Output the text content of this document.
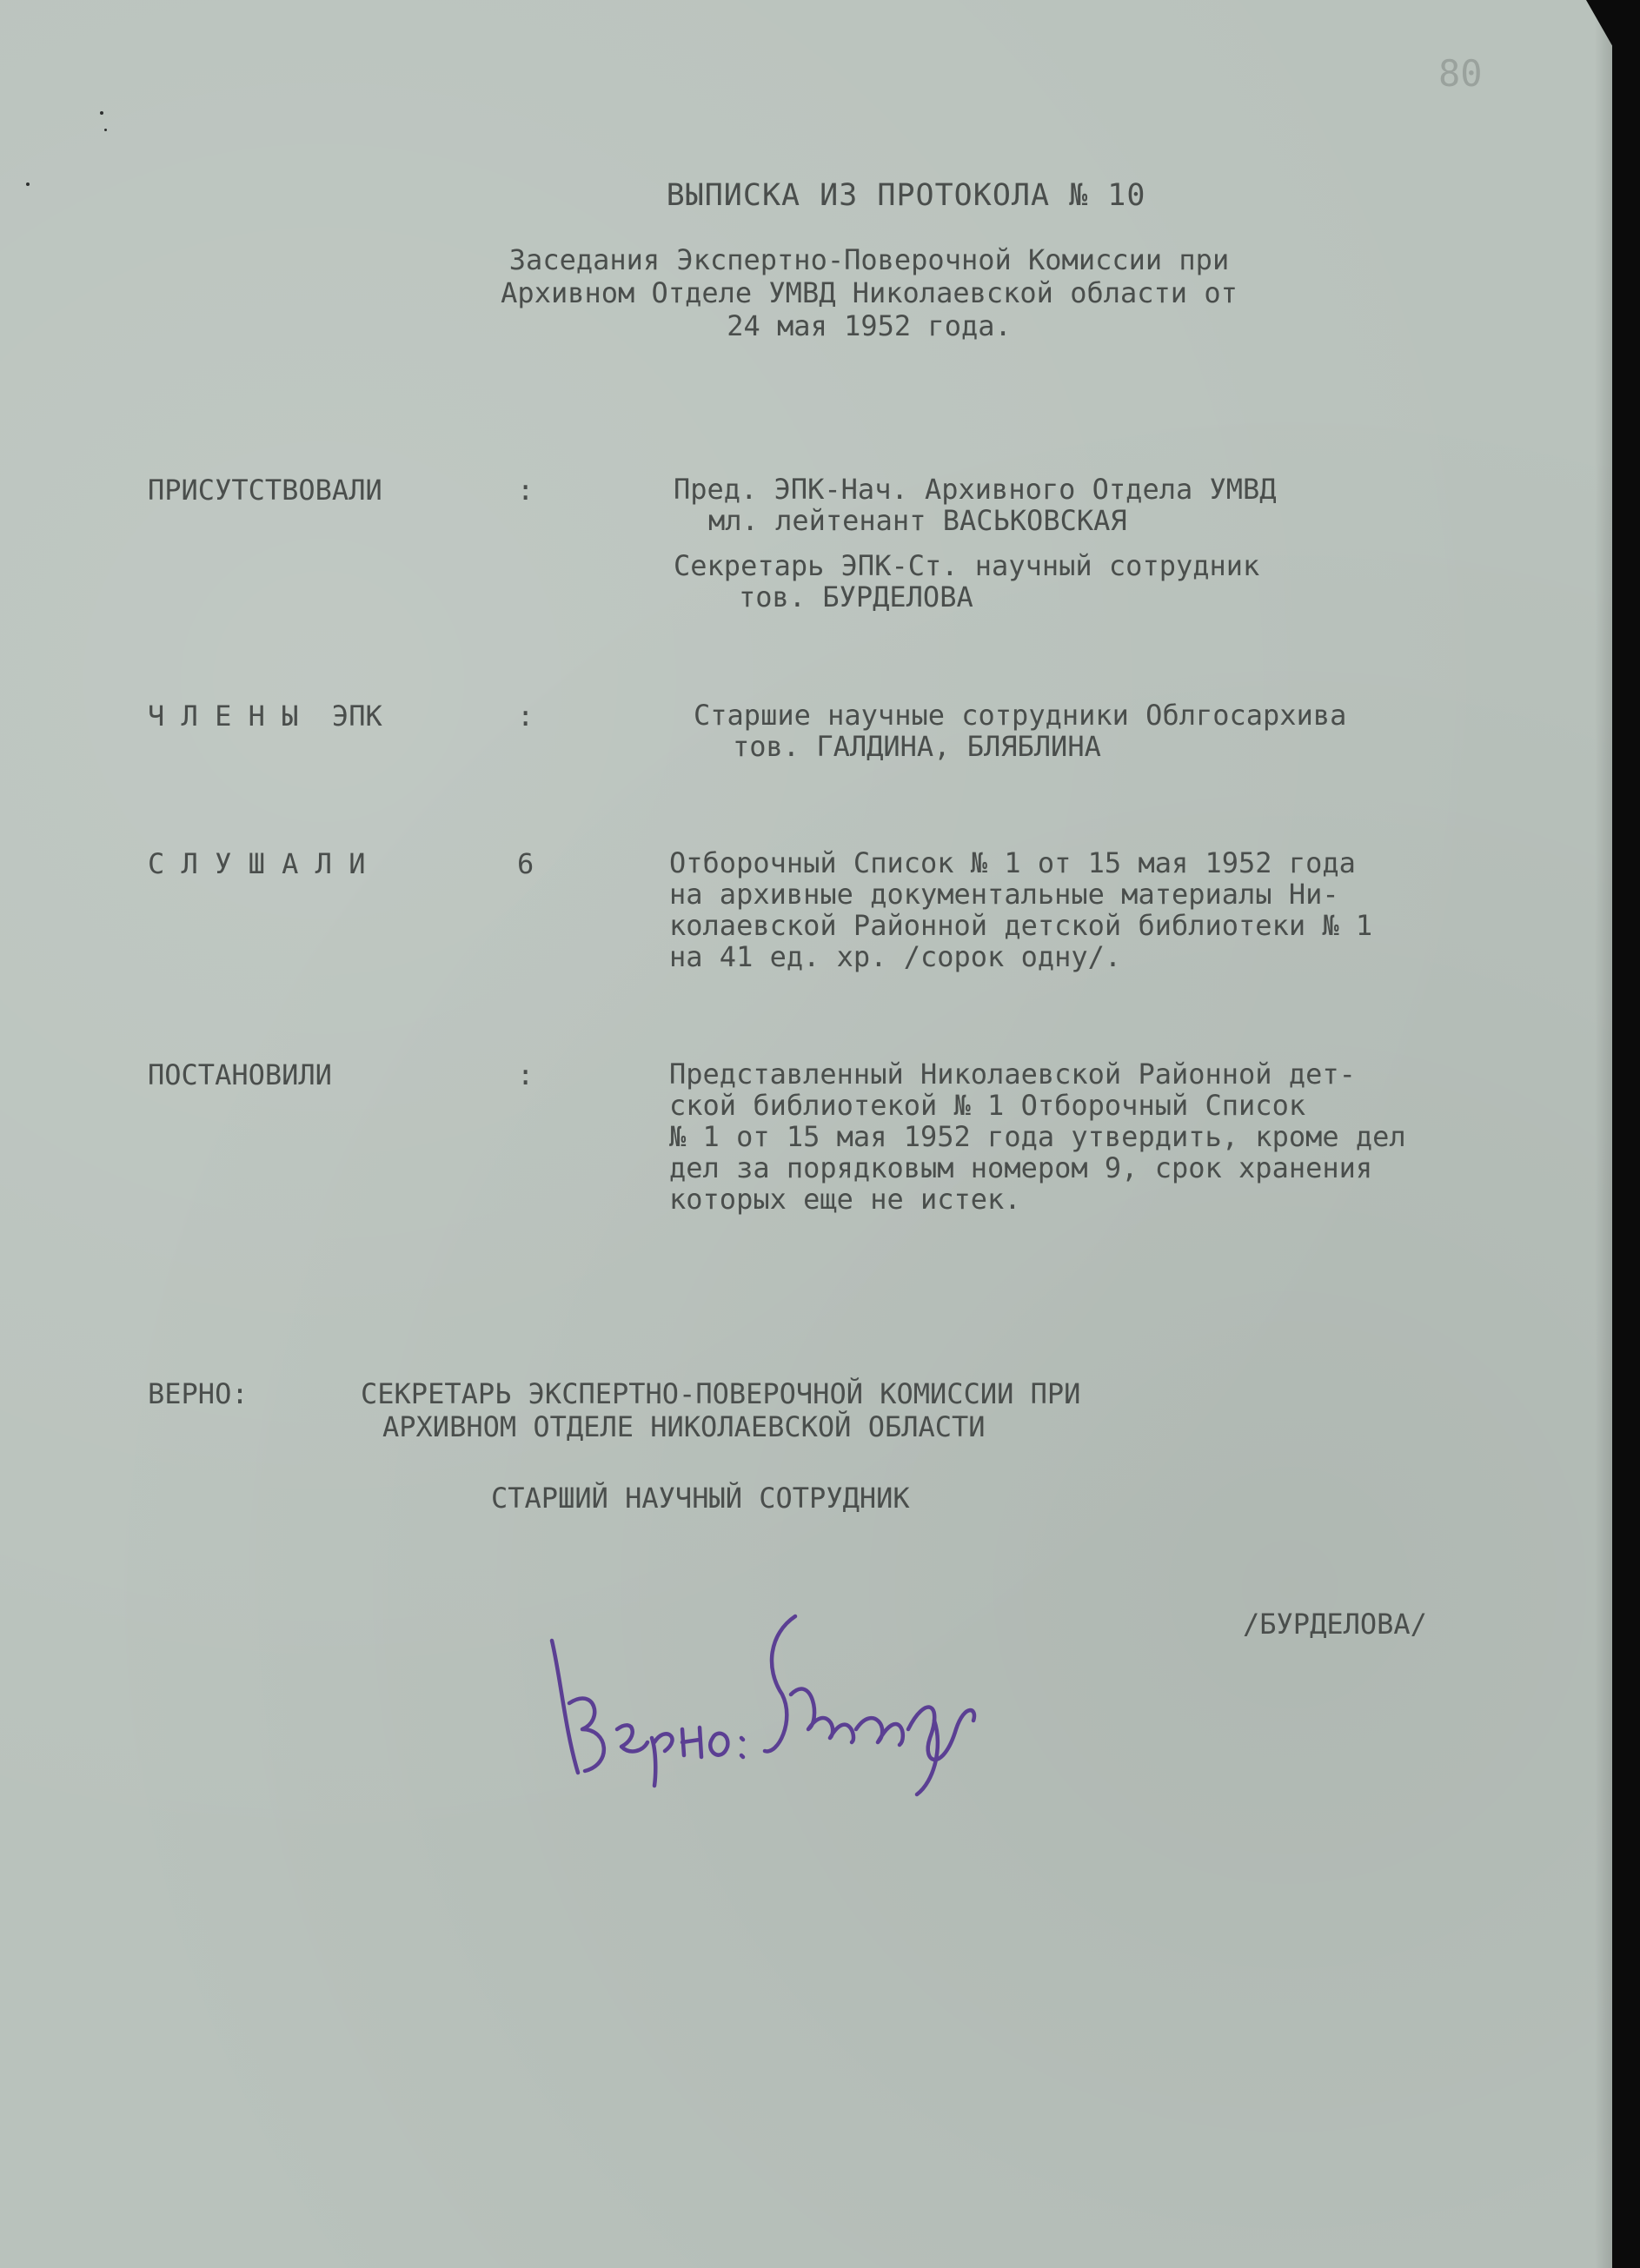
80
ВЫПИСКА ИЗ ПРОТОКОЛА № 10
Заседания Экспертно-Поверочной Комиссии при
Архивном Отделе УМВД Николаевской области от
24 мая 1952 года.
ПРИСУТСТВОВАЛИ	:	Пред. ЭПК-Нач. Архивного Отдела УМВД
мл. лейтенант ВАСЬКОВСКАЯ
Секретарь ЭПК-Ст. научный сотрудник
тов. БУРДЕЛОВА
Ч Л Е Н Ы  ЭПК	:	Старшие научные сотрудники Облгосархива
тов. ГАЛДИНА, БЛЯБЛИНА
С Л У Ш А Л И	6	Отборочный Список № 1 от 15 мая 1952 года
на архивные документальные материалы Ни-
колаевской Районной детской библиотеки № 1
на 41 ед. хр. /сорок одну/.
ПОСТАНОВИЛИ	:	Представленный Николаевской Районной дет-
ской библиотекой № 1 Отборочный Список
№ 1 от 15 мая 1952 года утвердить, кроме дел
дел за порядковым номером 9, срок хранения
которых еще не истек.
ВЕРНО:	СЕКРЕТАРЬ ЭКСПЕРТНО-ПОВЕРОЧНОЙ КОМИССИИ ПРИ
АРХИВНОМ ОТДЕЛЕ НИКОЛАЕВСКОЙ ОБЛАСТИ
СТАРШИЙ НАУЧНЫЙ СОТРУДНИК
/БУРДЕЛОВА/
